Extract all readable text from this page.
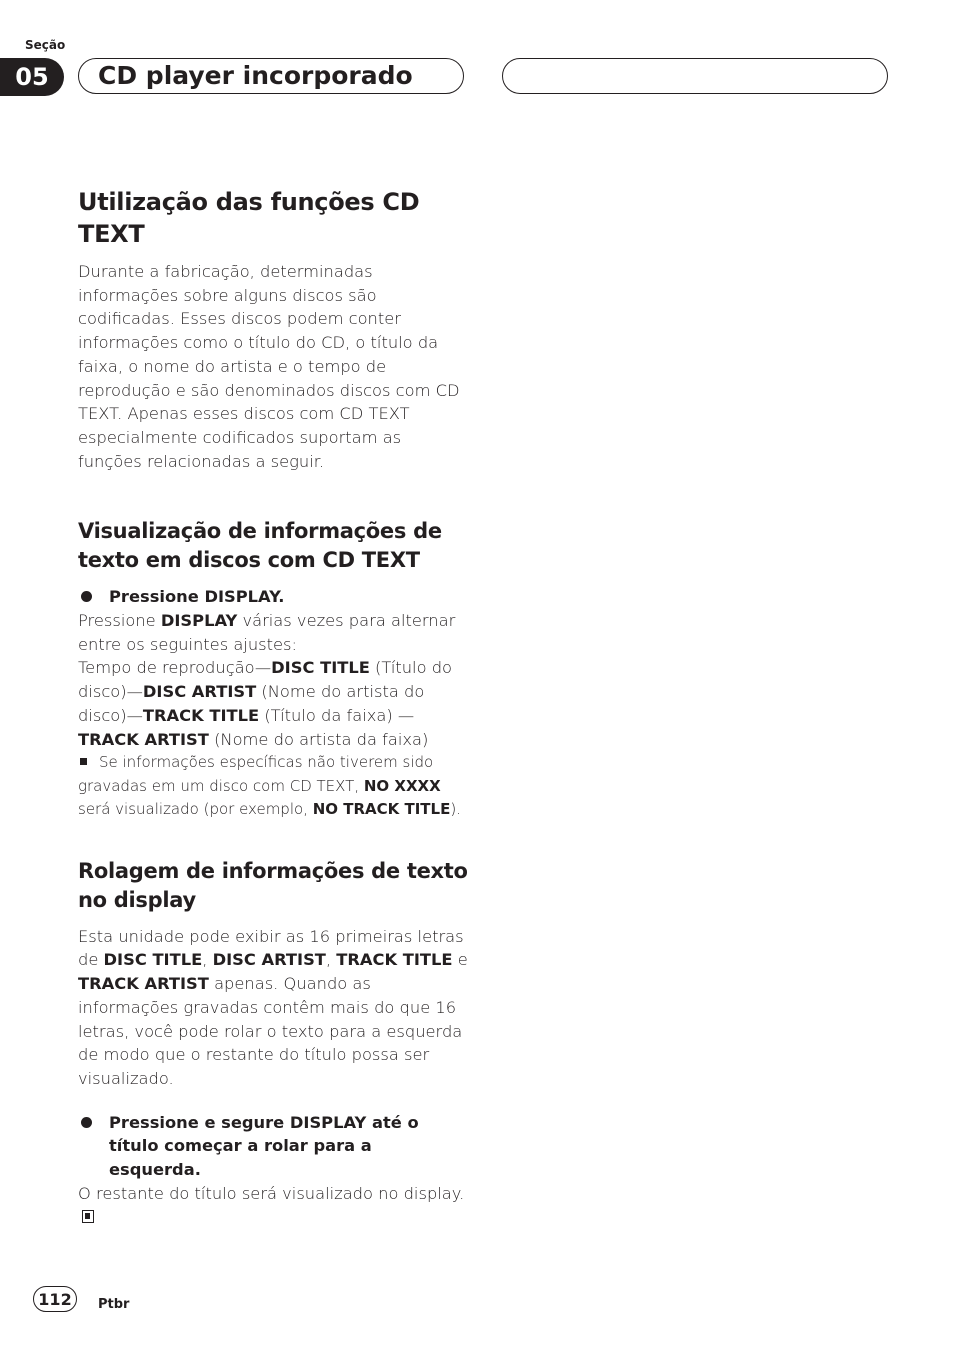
Seção
05	CD player incorporado
Utilização das funções CD TEXT

Durante a fabricação, determinadas informações sobre alguns discos são codificadas. Esses discos podem conter informações como o título do CD, o título da faixa, o nome do artista e o tempo de reprodução e são denominados discos com CD TEXT. Apenas esses discos com CD TEXT especialmente codificados suportam as funções relacionadas a seguir.

Visualização de informações de texto em discos com CD TEXT

Pressione DISPLAY.

Pressione DISPLAY várias vezes para alternar entre os seguintes ajustes:
Tempo de reprodução—DISC TITLE (Título do disco)—DISC ARTIST (Nome do artista do disco)—TRACK TITLE (Título da faixa) —TRACK ARTIST (Nome do artista da faixa)

Se informações específicas não tiverem sido gravadas em um disco com CD TEXT, NO XXXX será visualizado (por exemplo, NO TRACK TITLE).

Rolagem de informações de texto no display

Esta unidade pode exibir as 16 primeiras letras de DISC TITLE, DISC ARTIST, TRACK TITLE e TRACK ARTIST apenas. Quando as informações gravadas contêm mais do que 16 letras, você pode rolar o texto para a esquerda de modo que o restante do título possa ser visualizado.

Pressione e segure DISPLAY até o título começar a rolar para a esquerda.

O restante do título será visualizado no display.

112	Ptbr
